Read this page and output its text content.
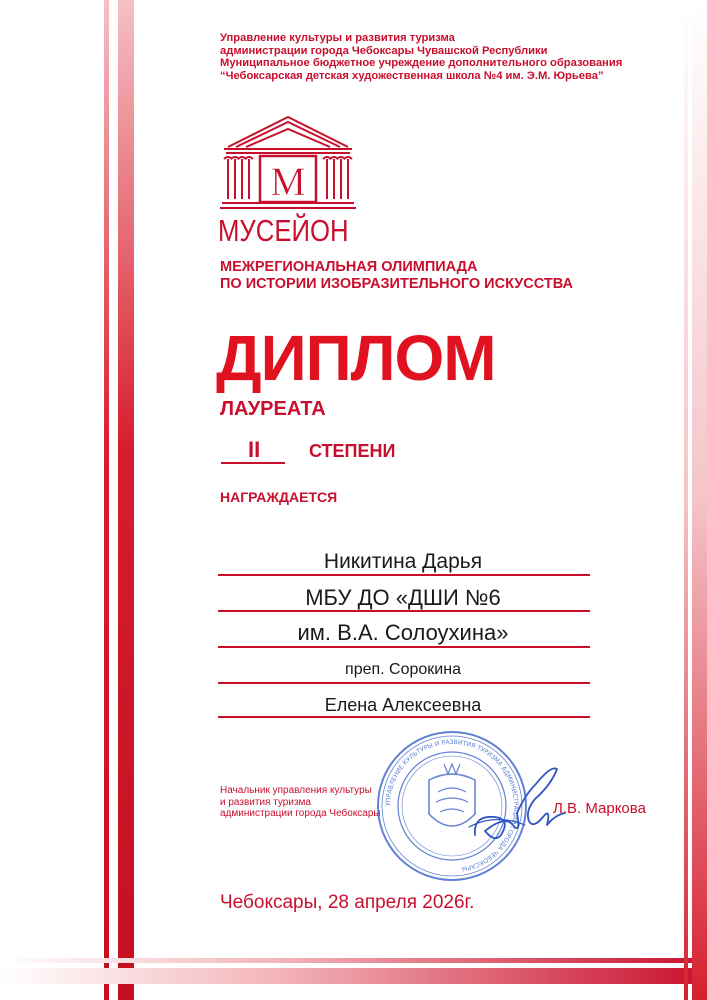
Управление культуры и развития туризма
администрации города Чебоксары Чувашской Республики
Муниципальное бюджетное учреждение дополнительного образования
“Чебоксарская детская художественная школа №4 им. Э.М. Юрьева”
М
МУСЕЙОН
МЕЖРЕГИОНАЛЬНАЯ ОЛИМПИАДА
ПО ИСТОРИИ ИЗОБРАЗИТЕЛЬНОГО ИСКУССТВА
ДИПЛОМ
ЛАУРЕАТА
II	СТЕПЕНИ
НАГРАЖДАЕТСЯ
Никитина Дарья
МБУ ДО «ДШИ №6
им. В.А. Солоухина»
преп. Сорокина
Елена Алексеевна
Начальник управления культуры
и развития туризма
администрации города Чебоксары
УПРАВЛЕНИЕ КУЛЬТУРЫ И РАЗВИТИЯ ТУРИЗМА АДМИНИСТРАЦИИ ГОРОДА ЧЕБОКСАРЫ
Л.В. Маркова
Чебоксары, 28 апреля 2026г.
